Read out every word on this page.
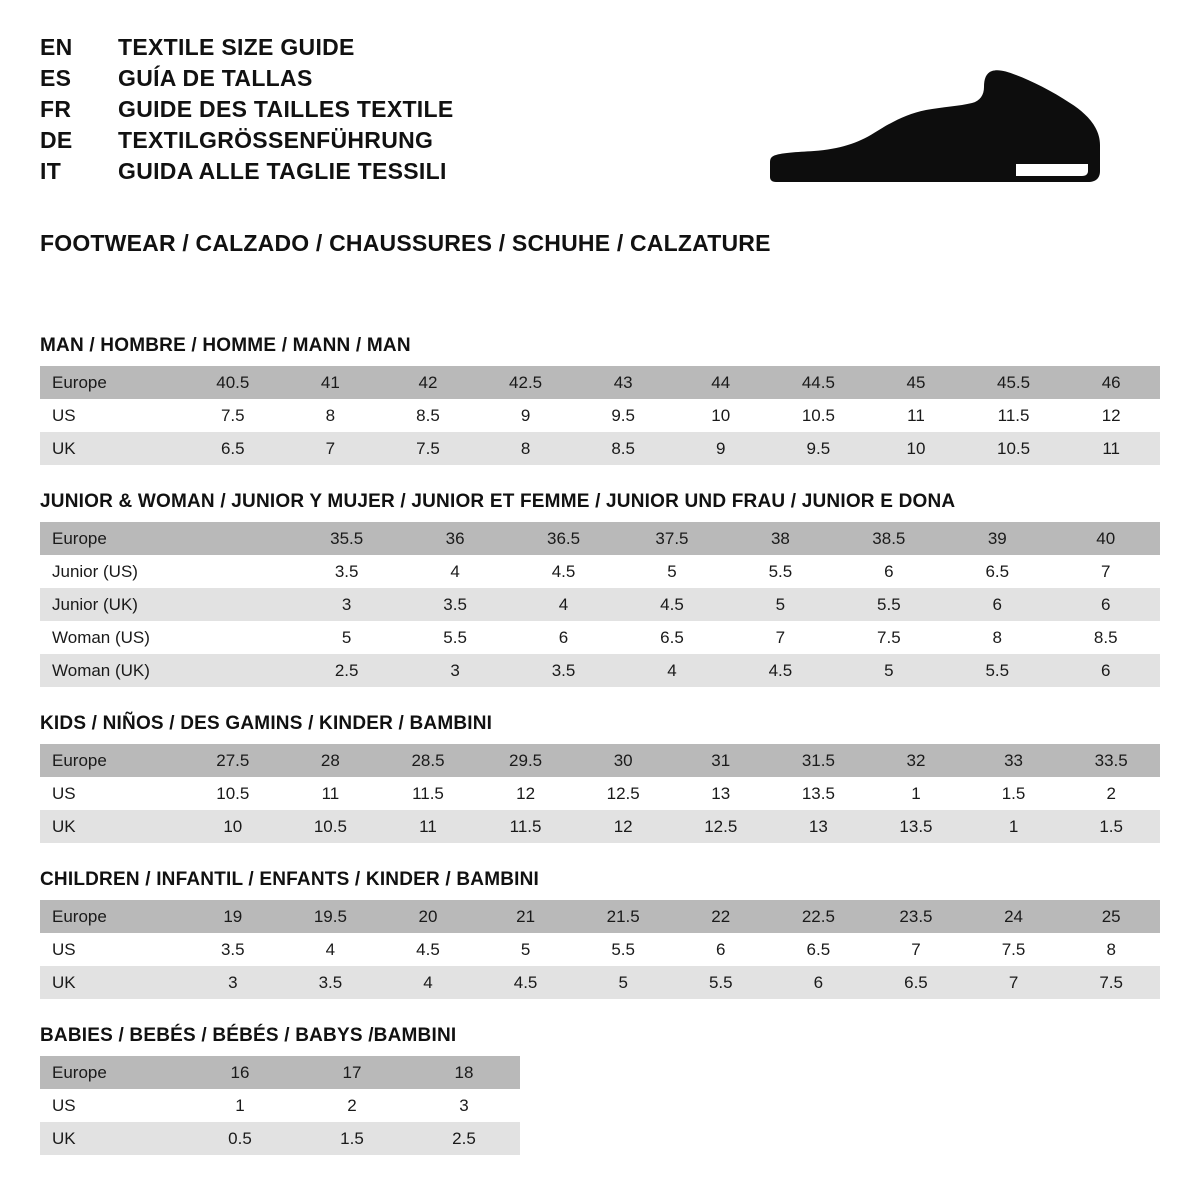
EN	TEXTILE SIZE GUIDE
ES	GUÍA DE TALLAS
FR	GUIDE DES TAILLES TEXTILE
DE	TEXTILGRÖSSENFÜHRUNG
IT	GUIDA ALLE TAGLIE TESSILI
FOOTWEAR / CALZADO / CHAUSSURES / SCHUHE / CALZATURE
MAN / HOMBRE / HOMME / MANN / MAN
Europe	40.5	41	42	42.5	43	44	44.5	45	45.5	46
US	7.5	8	8.5	9	9.5	10	10.5	11	11.5	12
UK	6.5	7	7.5	8	8.5	9	9.5	10	10.5	11
JUNIOR & WOMAN / JUNIOR Y MUJER / JUNIOR ET FEMME / JUNIOR UND FRAU / JUNIOR E DONA
Europe		35.5	36	36.5	37.5	38	38.5	39	40
Junior (US)		3.5	4	4.5	5	5.5	6	6.5	7
Junior (UK)		3	3.5	4	4.5	5	5.5	6	6
Woman (US)		5	5.5	6	6.5	7	7.5	8	8.5
Woman (UK)		2.5	3	3.5	4	4.5	5	5.5	6
KIDS / NIÑOS / DES GAMINS / KINDER / BAMBINI
Europe	27.5	28	28.5	29.5	30	31	31.5	32	33	33.5
US	10.5	11	11.5	12	12.5	13	13.5	1	1.5	2
UK	10	10.5	11	11.5	12	12.5	13	13.5	1	1.5
CHILDREN / INFANTIL / ENFANTS / KINDER / BAMBINI
Europe	19	19.5	20	21	21.5	22	22.5	23.5	24	25
US	3.5	4	4.5	5	5.5	6	6.5	7	7.5	8
UK	3	3.5	4	4.5	5	5.5	6	6.5	7	7.5
BABIES / BEBÉS / BÉBÉS / BABYS /BAMBINI
Europe	16	17	18
US	1	2	3
UK	0.5	1.5	2.5
